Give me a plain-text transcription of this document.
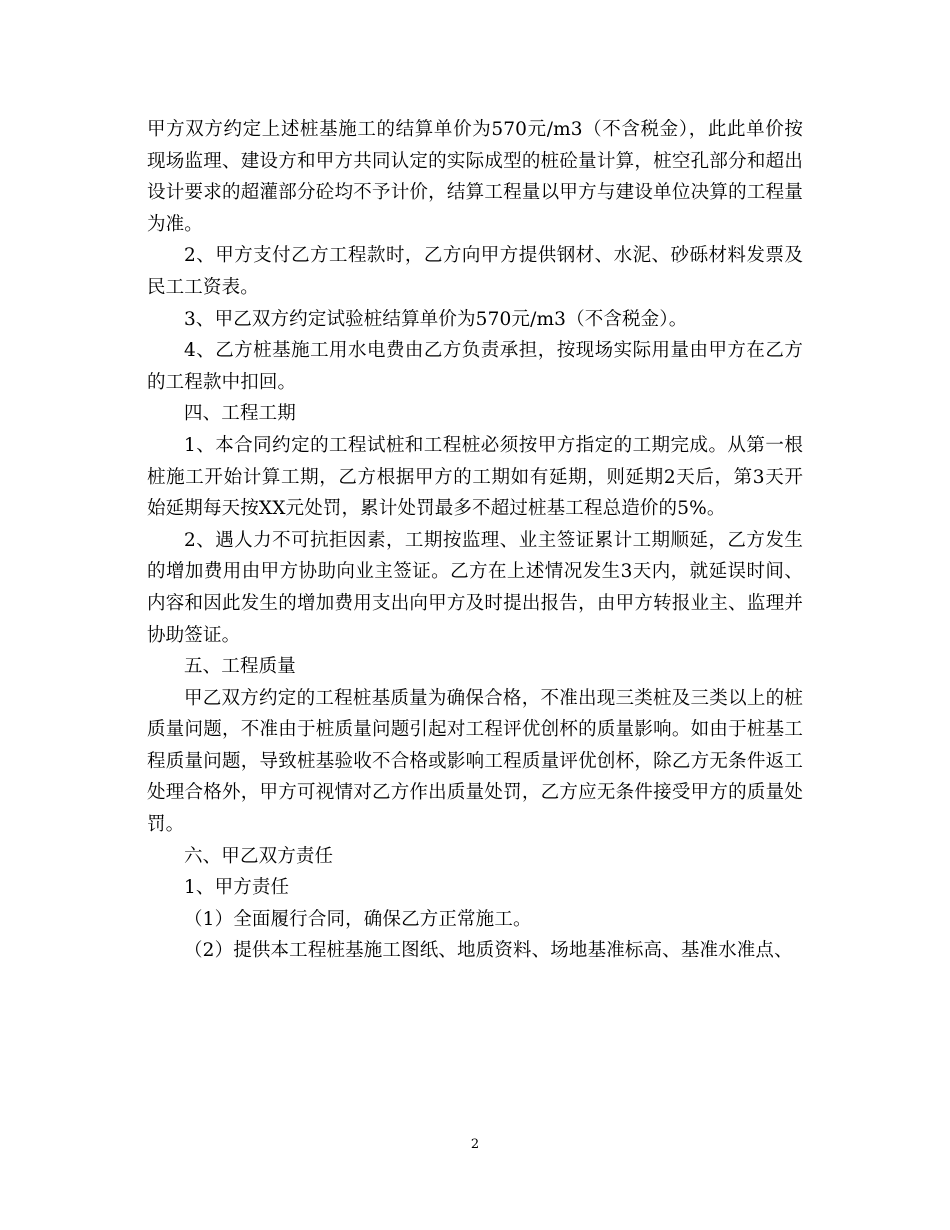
甲方双方约定上述桩基施工的结算单价为570元/m3（不含税金），此此单价按现场监理、建设方和甲方共同认定的实际成型的桩砼量计算，桩空孔部分和超出设计要求的超灌部分砼均不予计价，结算工程量以甲方与建设单位决算的工程量为准。

2、甲方支付乙方工程款时，乙方向甲方提供钢材、水泥、砂砾材料发票及民工工资表。

3、甲乙双方约定试验桩结算单价为570元/m3（不含税金）。

4、乙方桩基施工用水电费由乙方负责承担，按现场实际用量由甲方在乙方的工程款中扣回。

四、工程工期

1、本合同约定的工程试桩和工程桩必须按甲方指定的工期完成。从第一根桩施工开始计算工期，乙方根据甲方的工期如有延期，则延期2天后，第3天开始延期每天按XX元处罚，累计处罚最多不超过桩基工程总造价的5%。

2、遇人力不可抗拒因素，工期按监理、业主签证累计工期顺延，乙方发生的增加费用由甲方协助向业主签证。乙方在上述情况发生3天内，就延误时间、内容和因此发生的增加费用支出向甲方及时提出报告，由甲方转报业主、监理并协助签证。

五、工程质量

甲乙双方约定的工程桩基质量为确保合格，不准出现三类桩及三类以上的桩质量问题，不准由于桩质量问题引起对工程评优创杯的质量影响。如由于桩基工程质量问题，导致桩基验收不合格或影响工程质量评优创杯，除乙方无条件返工处理合格外，甲方可视情对乙方作出质量处罚，乙方应无条件接受甲方的质量处罚。

六、甲乙双方责任

1、甲方责任

（1）全面履行合同，确保乙方正常施工。

（2）提供本工程桩基施工图纸、地质资料、场地基准标高、基准水准点、

2
